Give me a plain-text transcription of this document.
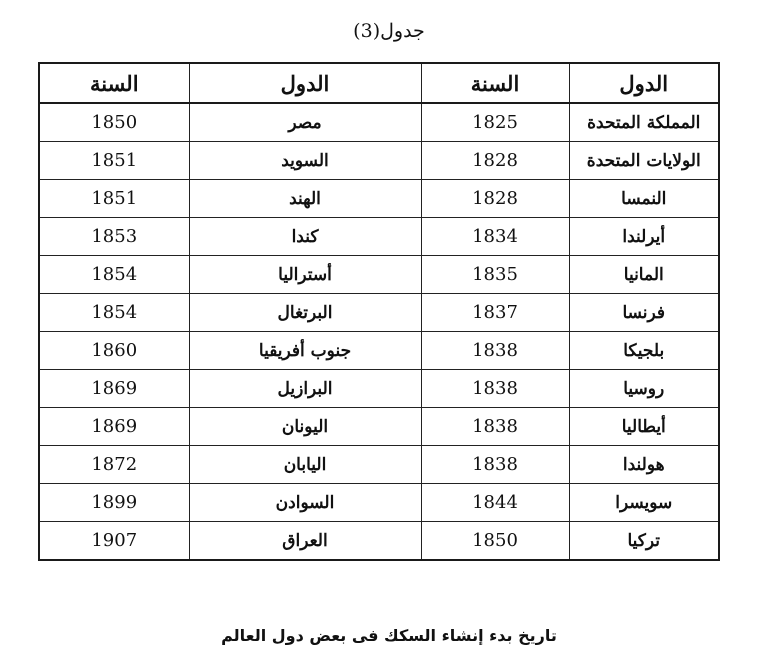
جدول(3)
الدول	السنة	الدول	السنة
المملكة المتحدة	1825	مصر	1850
الولايات المتحدة	1828	السويد	1851
النمسا	1828	الهند	1851
أيرلندا	1834	كندا	1853
المانيا	1835	أستراليا	1854
فرنسا	1837	البرتغال	1854
بلجيكا	1838	جنوب أفريقيا	1860
روسيا	1838	البرازيل	1869
أيطاليا	1838	اليونان	1869
هولندا	1838	اليابان	1872
سويسرا	1844	السوادن	1899
تركيا	1850	العراق	1907
تاريخ بدء إنشاء السكك فى بعض دول العالم
